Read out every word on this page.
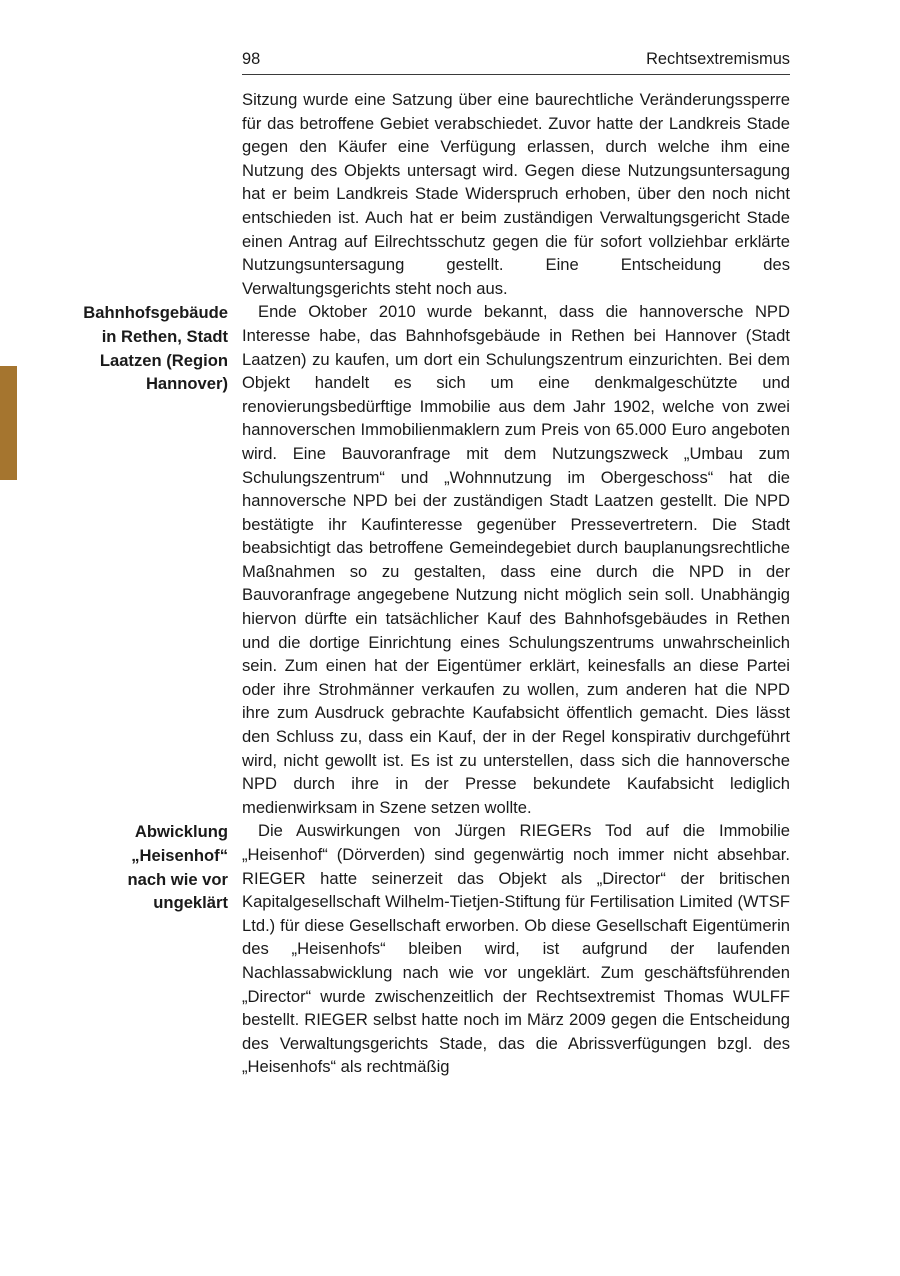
98	Rechtsextremismus

Sitzung wurde eine Satzung über eine baurechtliche Veränderungssperre für das betroffene Gebiet verabschiedet. Zuvor hatte der Landkreis Stade gegen den Käufer eine Verfügung erlassen, durch welche ihm eine Nutzung des Objekts untersagt wird. Gegen diese Nutzungsuntersagung hat er beim Landkreis Stade Widerspruch erhoben, über den noch nicht entschieden ist. Auch hat er beim zuständigen Verwaltungsgericht Stade einen Antrag auf Eilrechtsschutz gegen die für sofort vollziehbar erklärte Nutzungsuntersagung gestellt. Eine Entscheidung des Verwaltungsgerichts steht noch aus.

Bahnhofsgebäude
in Rethen, Stadt
Laatzen (Region
Hannover)

Ende Oktober 2010 wurde bekannt, dass die hannoversche NPD Interesse habe, das Bahnhofsgebäude in Rethen bei Hannover (Stadt Laatzen) zu kaufen, um dort ein Schulungszentrum einzurichten. Bei dem Objekt handelt es sich um eine denkmalgeschützte und renovierungsbedürftige Immobilie aus dem Jahr 1902, welche von zwei hannoverschen Immobilienmaklern zum Preis von 65.000 Euro angeboten wird. Eine Bauvoranfrage mit dem Nutzungszweck „Umbau zum Schulungszentrum“ und „Wohnnutzung im Obergeschoss“ hat die hannoversche NPD bei der zuständigen Stadt Laatzen gestellt. Die NPD bestätigte ihr Kaufinteresse gegenüber Pressevertretern. Die Stadt beabsichtigt das betroffene Gemeindegebiet durch bauplanungsrechtliche Maßnahmen so zu gestalten, dass eine durch die NPD in der Bauvoranfrage angegebene Nutzung nicht möglich sein soll. Unabhängig hiervon dürfte ein tatsächlicher Kauf des Bahnhofsgebäudes in Rethen und die dortige Einrichtung eines Schulungszentrums unwahrscheinlich sein. Zum einen hat der Eigentümer erklärt, keinesfalls an diese Partei oder ihre Strohmänner verkaufen zu wollen, zum anderen hat die NPD ihre zum Ausdruck gebrachte Kaufabsicht öffentlich gemacht. Dies lässt den Schluss zu, dass ein Kauf, der in der Regel konspirativ durchgeführt wird, nicht gewollt ist. Es ist zu unterstellen, dass sich die hannoversche NPD durch ihre in der Presse bekundete Kaufabsicht lediglich medienwirksam in Szene setzen wollte.

Abwicklung
„Heisenhof“
nach wie vor
ungeklärt

Die Auswirkungen von Jürgen RIEGERs Tod auf die Immobilie „Heisenhof“ (Dörverden) sind gegenwärtig noch immer nicht absehbar. RIEGER hatte seinerzeit das Objekt als „Director“ der britischen Kapitalgesellschaft Wilhelm-Tietjen-Stiftung für Fertilisation Limited (WTSF Ltd.) für diese Gesellschaft erworben. Ob diese Gesellschaft Eigentümerin des „Heisenhofs“ bleiben wird, ist aufgrund der laufenden Nachlassabwicklung nach wie vor ungeklärt. Zum geschäftsführenden „Director“ wurde zwischenzeitlich der Rechtsextremist Thomas WULFF bestellt. RIEGER selbst hatte noch im März 2009 gegen die Entscheidung des Verwaltungsgerichts Stade, das die Abrissverfügungen bzgl. des „Heisenhofs“ als rechtmäßig
